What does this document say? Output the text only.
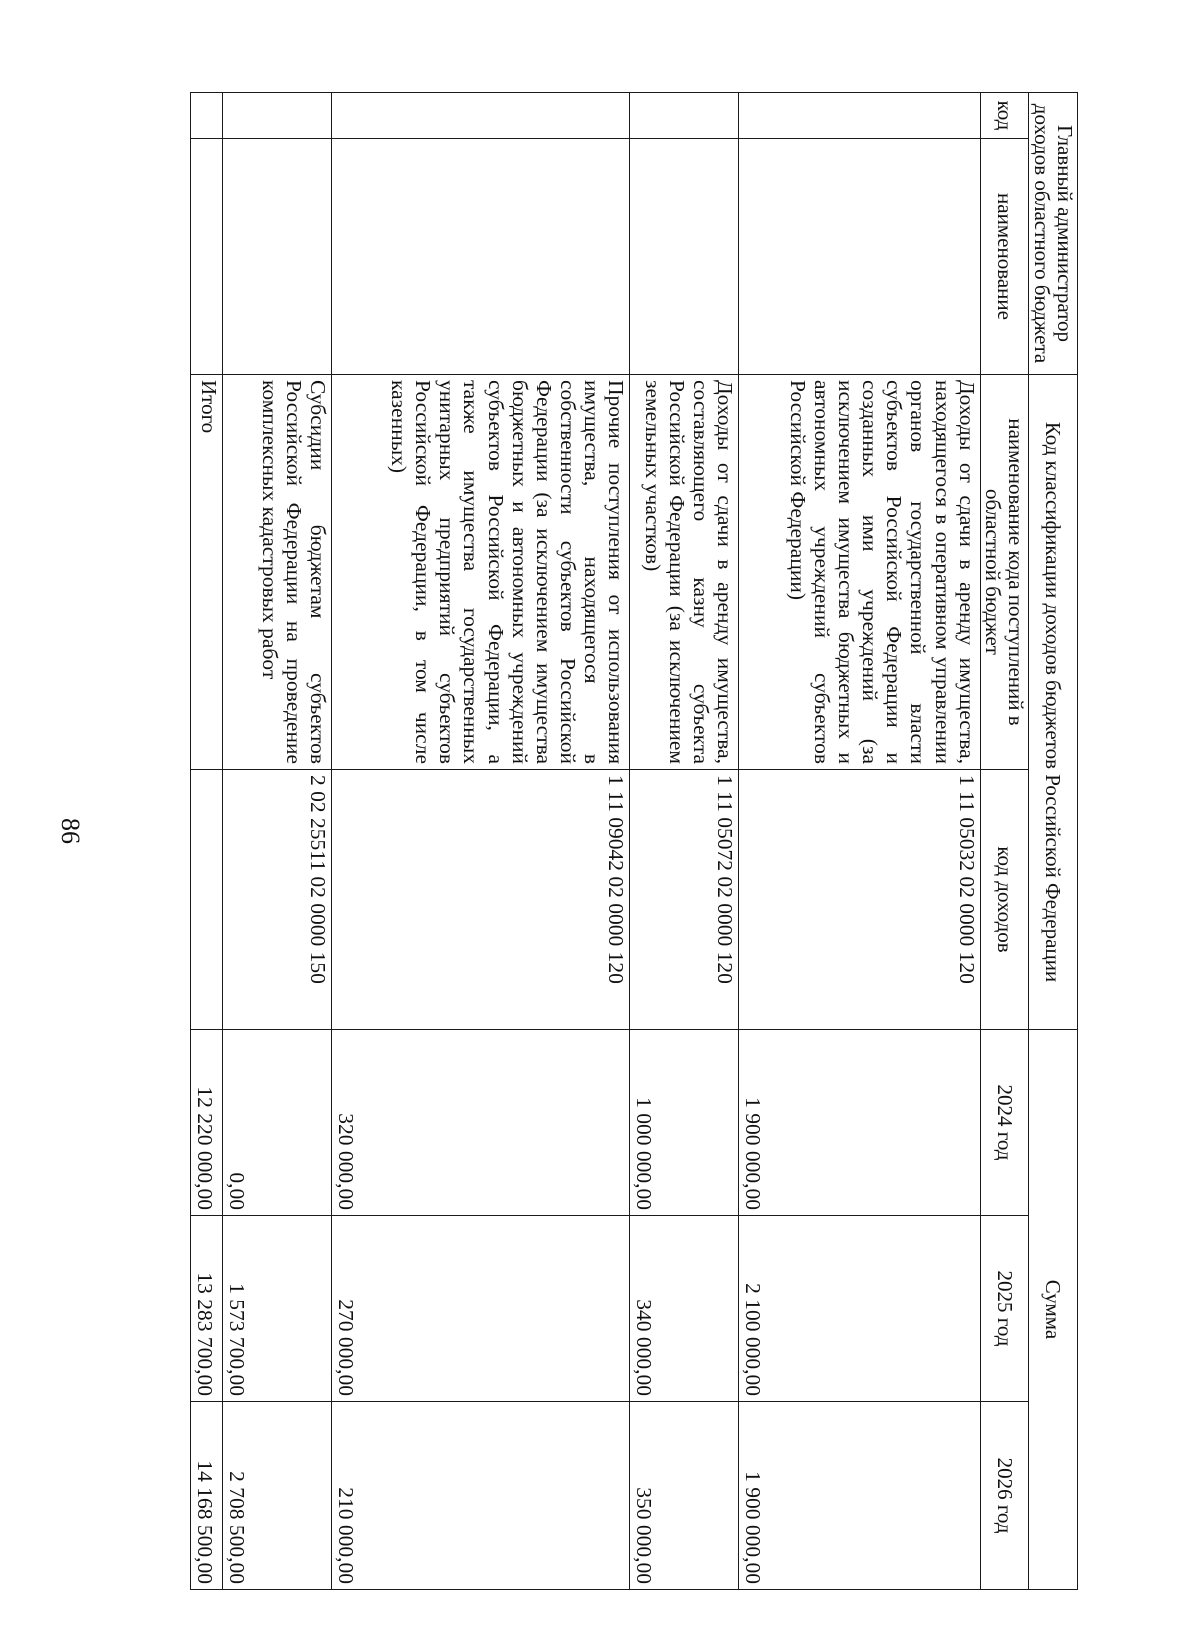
86
Главный администратор доходов областного бюджета		Код классификации доходов бюджетов Российской Федерации		Сумма		
код	наименование	наименование кода поступлений в областной бюджет	код доходов	2024 год	2025 год	2026 год
		Доходы от сдачи в аренду имущества, находящегося в оперативном управлении органов государственной власти субъектов Российской Федерации и созданных ими учреждений (за исключением имущества бюджетных и автономных учреждений субъектов Российской Федерации)	1 11 05032 02 0000 120	1 900 000,00	2 100 000,00	1 900 000,00
		Доходы от сдачи в аренду имущества, составляющего казну субъекта Российской Федерации (за исключением земельных участков)	1 11 05072 02 0000 120	1 000 000,00	340 000,00	350 000,00
		Прочие поступления от использования имущества, находящегося в собственности субъектов Российской Федерации (за исключением имущества бюджетных и автономных учреждений субъектов Российской Федерации, а также имущества государственных унитарных предприятий субъектов Российской Федерации, в том числе казенных)	1 11 09042 02 0000 120	320 000,00	270 000,00	210 000,00
		Субсидии бюджетам субъектов Российской Федерации на проведение комплексных кадастровых работ	2 02 25511 02 0000 150	0,00	1 573 700,00	2 708 500,00
		Итого		12 220 000,00	13 283 700,00	14 168 500,00
